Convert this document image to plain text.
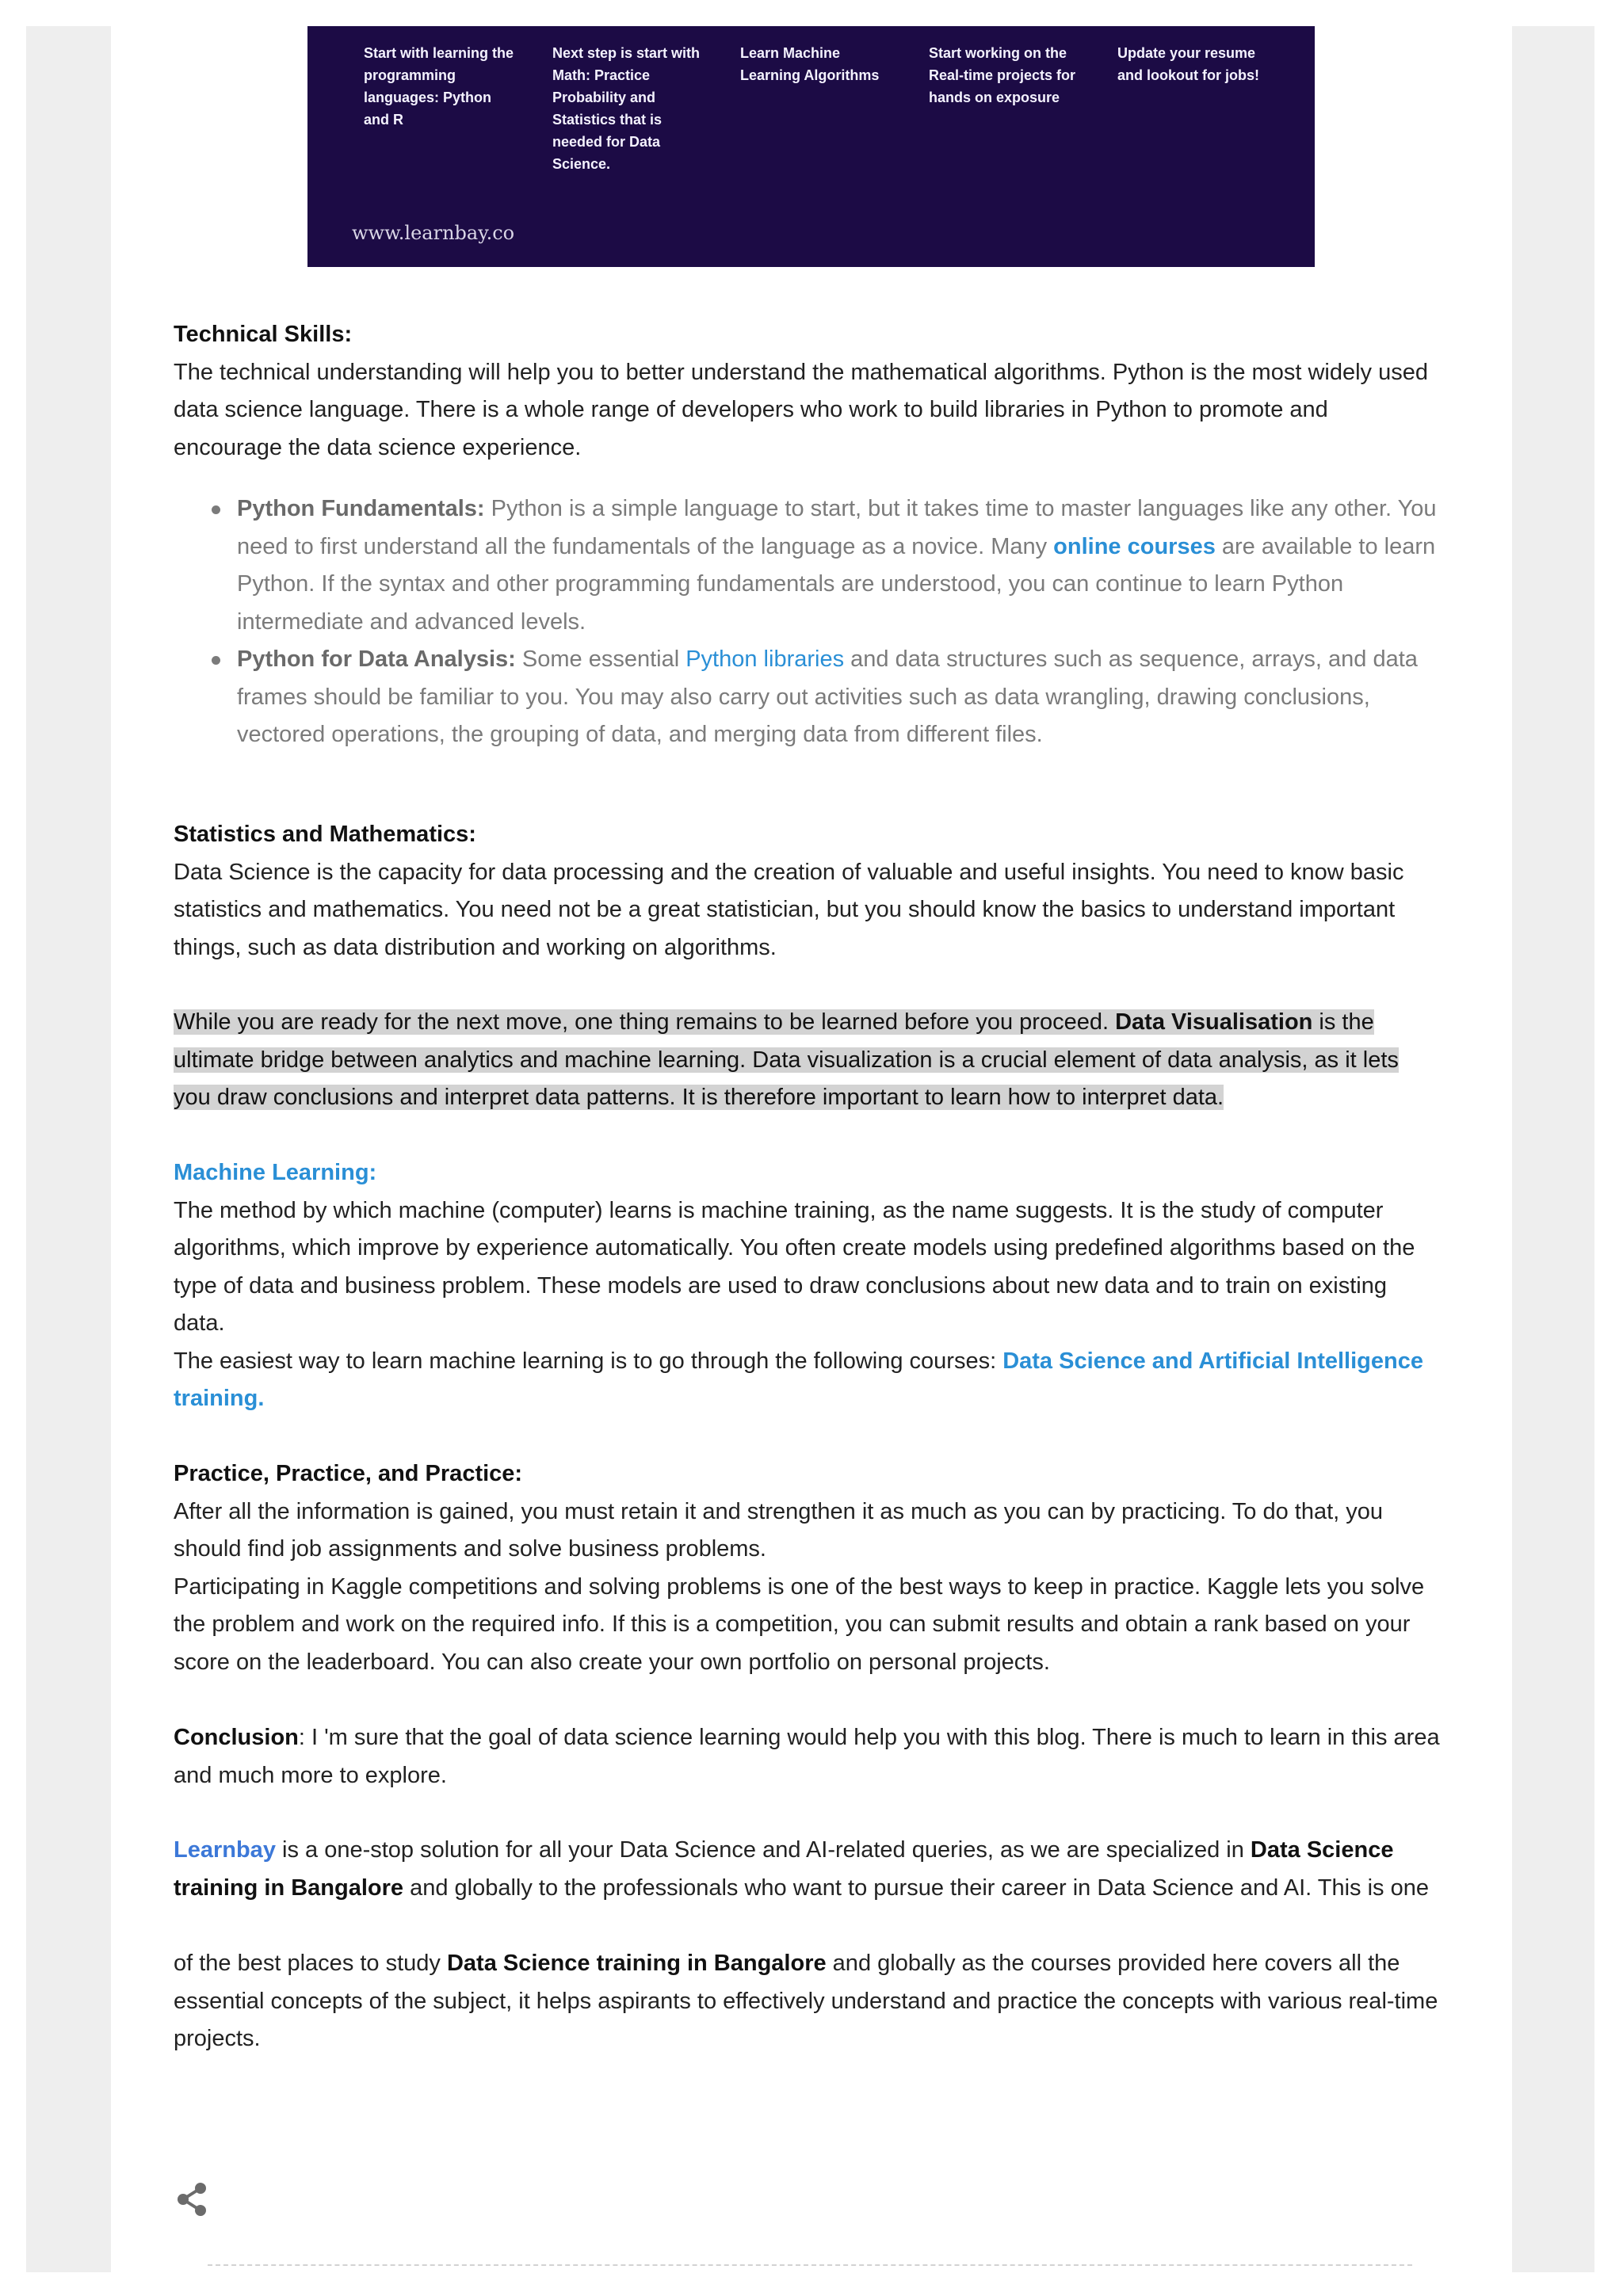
Start with learning the programming languages: Python and R
Next step is start with Math: Practice Probability and Statistics that is needed for Data Science.
Learn Machine Learning Algorithms
Start working on the Real-time projects for hands on exposure
Update your resume and lookout for jobs!
www.learnbay.co

Technical Skills:

The technical understanding will help you to better understand the mathematical algorithms. Python is the most widely used data science language. There is a whole range of developers who work to build libraries in Python to promote and encourage the data science experience.

Python Fundamentals: Python is a simple language to start, but it takes time to master languages like any other. You need to first understand all the fundamentals of the language as a novice. Many online courses are available to learn Python. If the syntax and other programming fundamentals are understood, you can continue to learn Python intermediate and advanced levels.
Python for Data Analysis: Some essential Python libraries and data structures such as sequence, arrays, and data frames should be familiar to you. You may also carry out activities such as data wrangling, drawing conclusions, vectored operations, the grouping of data, and merging data from different files.

Statistics and Mathematics:

Data Science is the capacity for data processing and the creation of valuable and useful insights. You need to know basic statistics and mathematics. You need not be a great statistician, but you should know the basics to understand important things, such as data distribution and working on algorithms.

While you are ready for the next move, one thing remains to be learned before you proceed. Data Visualisation is the ultimate bridge between analytics and machine learning. Data visualization is a crucial element of data analysis, as it lets you draw conclusions and interpret data patterns. It is therefore important to learn how to interpret data.

Machine Learning:

The method by which machine (computer) learns is machine training, as the name suggests. It is the study of computer algorithms, which improve by experience automatically. You often create models using predefined algorithms based on the type of data and business problem. These models are used to draw conclusions about new data and to train on existing data.

The easiest way to learn machine learning is to go through the following courses: Data Science and Artificial Intelligence training.

Practice, Practice, and Practice:

After all the information is gained, you must retain it and strengthen it as much as you can by practicing. To do that, you should find job assignments and solve business problems.

Participating in Kaggle competitions and solving problems is one of the best ways to keep in practice. Kaggle lets you solve the problem and work on the required info. If this is a competition, you can submit results and obtain a rank based on your score on the leaderboard. You can also create your own portfolio on personal projects.

Conclusion: I 'm sure that the goal of data science learning would help you with this blog. There is much to learn in this area and much more to explore.

Learnbay is a one-stop solution for all your Data Science and AI-related queries, as we are specialized in Data Science training in Bangalore and globally to the professionals who want to pursue their career in Data Science and AI. This is one

of the best places to study Data Science training in Bangalore and globally as the courses provided here covers all the essential concepts of the subject, it helps aspirants to effectively understand and practice the concepts with various real-time projects.
